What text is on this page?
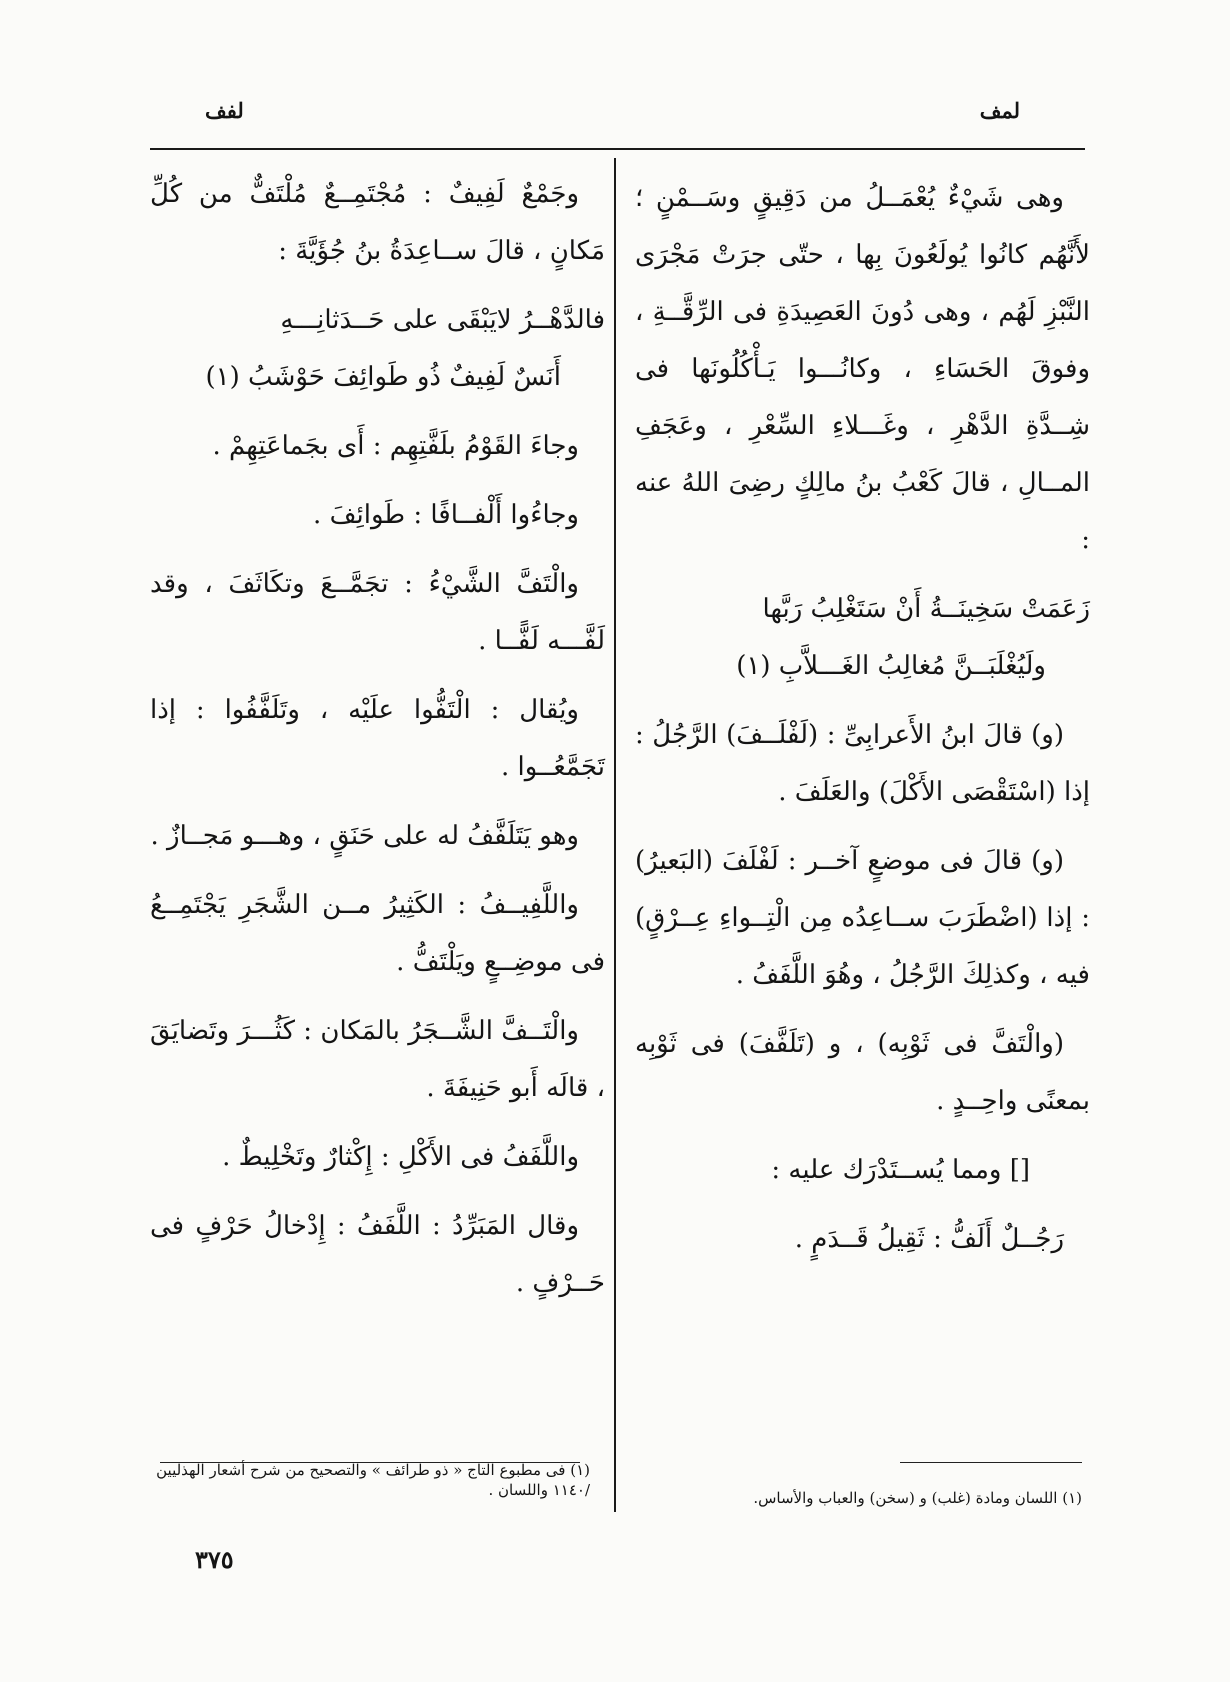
لمف
لفف

وهى شَيْءٌ يُعْمَــلُ من دَقِيقٍ وسَــمْنٍ ؛ لأَنَّهُم كانُوا يُولَعُونَ بِها ، حتّى جرَتْ مَجْرَى النَّبْزِ لَهُم ، وهى دُونَ العَصِيدَةِ فى الرِّقَّــةِ ، وفوقَ الحَسَاءِ ، وكانُـــوا يَـأْكُلُونَها فى شِــدَّةِ الدَّهْرِ ، وغَـــلاءِ السِّعْرِ ، وعَجَفِ المــالِ ، قالَ كَعْبُ بنُ مالِكٍ رضِىَ اللهُ عنه :

زَعَمَتْ سَخِينَــةُ أَنْ سَتَغْلِبُ رَبَّها
ولَيُغْلَبَــنَّ مُغالِبُ الغَـــلاَّبِ (١)

(و) قالَ ابنُ الأَعرابِىِّ : (لَفْلَــفَ) الرَّجُلُ : إذا (اسْتَقْصَى الأَكْلَ) والعَلَفَ .

(و) قالَ فى موضعٍ آخــر : لَفْلَفَ (البَعيرُ) : إذا (اضْطَرَبَ ســاعِدُه مِن الْتِــواءِ عِــرْقٍ) فيه ، وكذلِكَ الرَّجُلُ ، وهُوَ اللَّفَفُ .

(والْتَفَّ فى ثَوْبِه) ، و (تَلَفَّفَ) فى ثَوْبِه بمعنًى واحِــدٍ .

[] ومما يُســتَدْرَك عليه :

رَجُــلٌ أَلَفُّ : ثَقِيلُ قَــدَمٍ .

وجَمْعٌ لَفِيفٌ : مُجْتَمِــعٌ مُلْتَفٌّ من كُلِّ مَكانٍ ، قالَ ســاعِدَةُ بنُ جُؤَيَّةَ :

فالدَّهْــرُ لايَبْقَى على حَــدَثانِـــهِ
أَنَسٌ لَفِيفٌ ذُو طَوائِفَ حَوْشَبُ (١)

وجاءَ القَوْمُ بلَفَّتِهِم : أَى بجَماعَتِهِمْ .

وجاءُوا أَلْفــافًا : طَوائِفَ .

والْتَفَّ الشَّيْءُ : تجَمَّــعَ وتكَاثَفَ ، وقد لَفَّـــه لَفًّــا .

ويُقال : الْتَفُّوا علَيْه ، وتَلَفَّفُوا : إذا تَجَمَّعُــوا .

وهو يَتَلَفَّفُ له على حَنَقٍ ، وهـــو مَجــازٌ .

واللَّفِيــفُ : الكَثِيرُ مــن الشَّجَرِ يَجْتَمِــعُ فى موضِــعٍ ويَلْتَفُّ .

والْتَــفَّ الشَّــجَرُ بالمَكان : كَثُـــرَ وتَضايَقَ ، قالَه أَبو حَنِيفَةَ .

واللَّفَفُ فى الأَكْلِ : إِكْثارٌ وتَخْلِيطٌ .

وقال المَبَرِّدُ : اللَّفَفُ : إِدْخالُ حَرْفٍ فى حَــرْفٍ .

(١) اللسان ومادة (غلب) و (سخن) والعباب والأساس.
(١) فى مطبوع التاج « ذو طرائف » والتصحيح من شرح أشعار الهذليين /١١٤٠ واللسان .
٣٧٥
